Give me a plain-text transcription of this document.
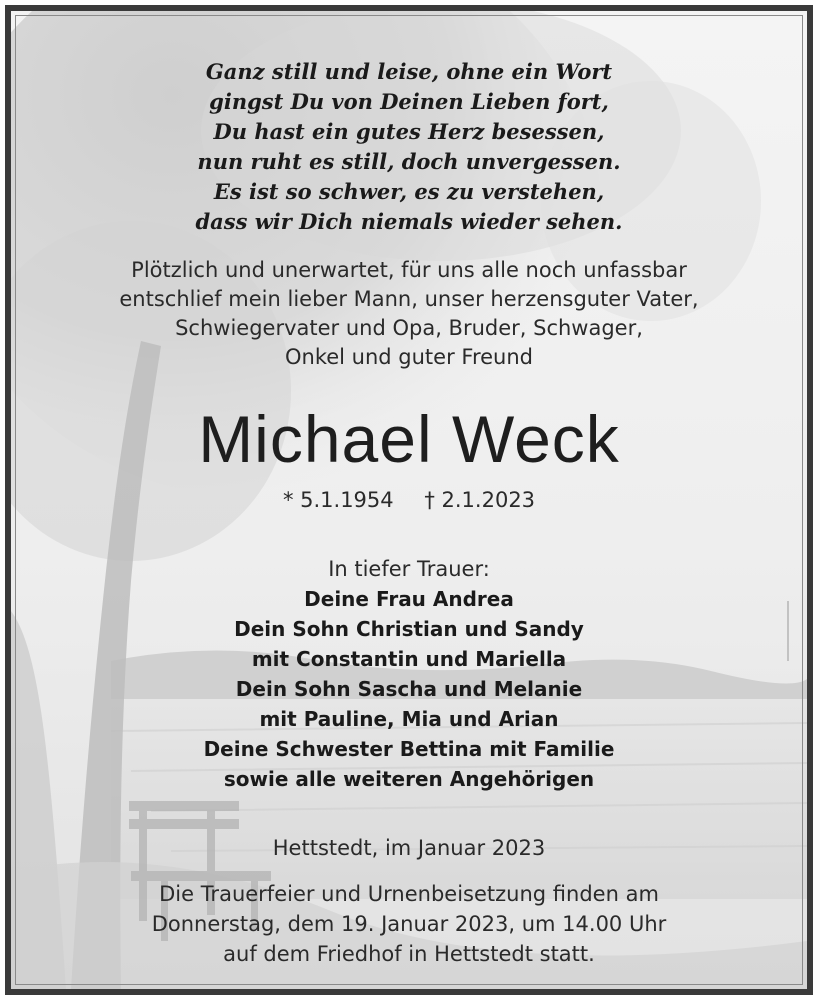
Ganz still und leise, ohne ein Wort
gingst Du von Deinen Lieben fort,
Du hast ein gutes Herz besessen,
nun ruht es still, doch unvergessen.
Es ist so schwer, es zu verstehen,
dass wir Dich niemals wieder sehen.
Plötzlich und unerwartet, für uns alle noch unfassbar
entschlief mein lieber Mann, unser herzensguter Vater,
Schwiegervater und Opa, Bruder, Schwager,
Onkel und guter Freund
Michael Weck
* 5.1.1954 † 2.1.2023
In tiefer Trauer:
Deine Frau Andrea
Dein Sohn Christian und Sandy
mit Constantin und Mariella
Dein Sohn Sascha und Melanie
mit Pauline, Mia und Arian
Deine Schwester Bettina mit Familie
sowie alle weiteren Angehörigen
Hettstedt, im Januar 2023
Die Trauerfeier und Urnenbeisetzung finden am
Donnerstag, dem 19. Januar 2023, um 14.00 Uhr
auf dem Friedhof in Hettstedt statt.
